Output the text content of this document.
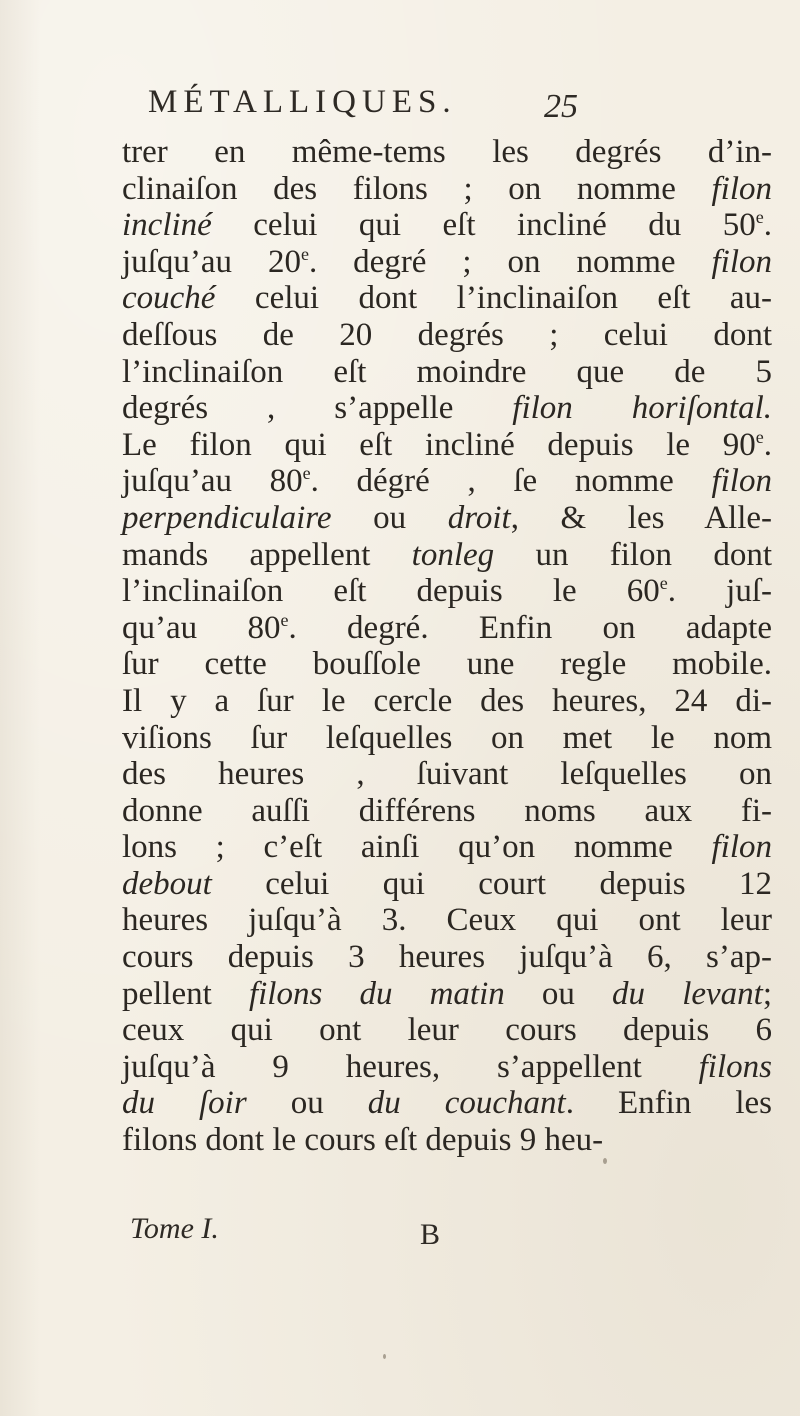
MÉTALLIQUES.	25
trer en même-tems les degrés d’in-
clinaiſon des filons ; on nomme filon
incliné celui qui eſt incliné du 50e.
juſqu’au 20e. degré ; on nomme filon
couché celui dont l’inclinaiſon eſt au-
deſſous de 20 degrés ; celui dont
l’inclinaiſon eſt moindre que de 5
degrés , s’appelle filon horiſontal.
Le filon qui eſt incliné depuis le 90e.
juſqu’au 80e. dégré , ſe nomme filon
perpendiculaire ou droit, & les Alle-
mands appellent tonleg un filon dont
l’inclinaiſon eſt depuis le 60e. juſ-
qu’au 80e. degré. Enfin on adapte
ſur cette bouſſole une regle mobile.
Il y a ſur le cercle des heures, 24 di-
viſions ſur leſquelles on met le nom
des heures , ſuivant leſquelles on
donne auſſi différens noms aux fi-
lons ; c’eſt ainſi qu’on nomme filon
debout celui qui court depuis 12
heures juſqu’à 3. Ceux qui ont leur
cours depuis 3 heures juſqu’à 6, s’ap-
pellent filons du matin ou du levant;
ceux qui ont leur cours depuis 6
juſqu’à 9 heures, s’appellent filons
du ſoir ou du couchant. Enfin les
filons dont le cours eſt depuis 9 heu-
Tome I.	B
